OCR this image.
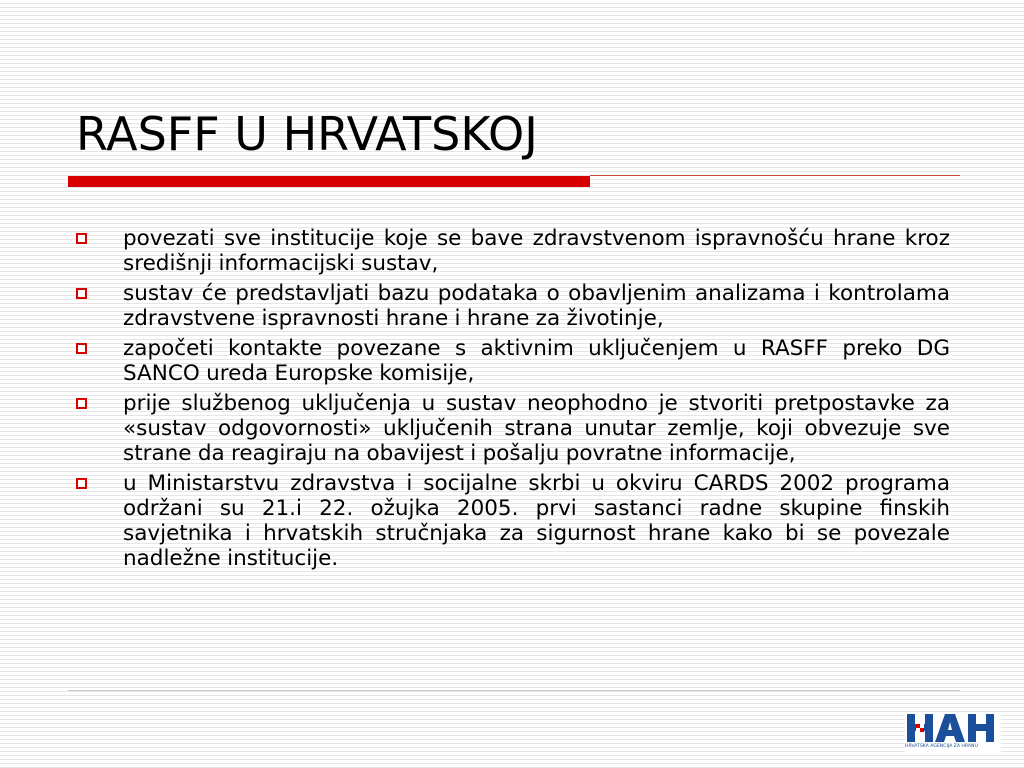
RASFF U HRVATSKOJ
povezati sve institucije koje se bave zdravstvenom ispravnošću hrane kroz središnji informacijski sustav,
sustav će predstavljati bazu podataka o obavljenim analizama i kontrolama zdravstvene ispravnosti hrane i hrane za životinje,
započeti kontakte povezane s aktivnim uključenjem u RASFF preko DG SANCO ureda Europske komisije,
prije službenog uključenja u sustav neophodno je stvoriti pretpostavke za «sustav odgovornosti» uključenih strana unutar zemlje, koji obvezuje sve strane da reagiraju na obavijest i pošalju povratne informacije,
u Ministarstvu zdravstva i socijalne skrbi u okviru CARDS 2002 programa održani su 21.i 22. ožujka 2005. prvi sastanci radne skupine finskih savjetnika i hrvatskih stručnjaka za sigurnost hrane kako bi se povezale nadležne institucije.
HRVATSKA AGENCIJA ZA HRANU
